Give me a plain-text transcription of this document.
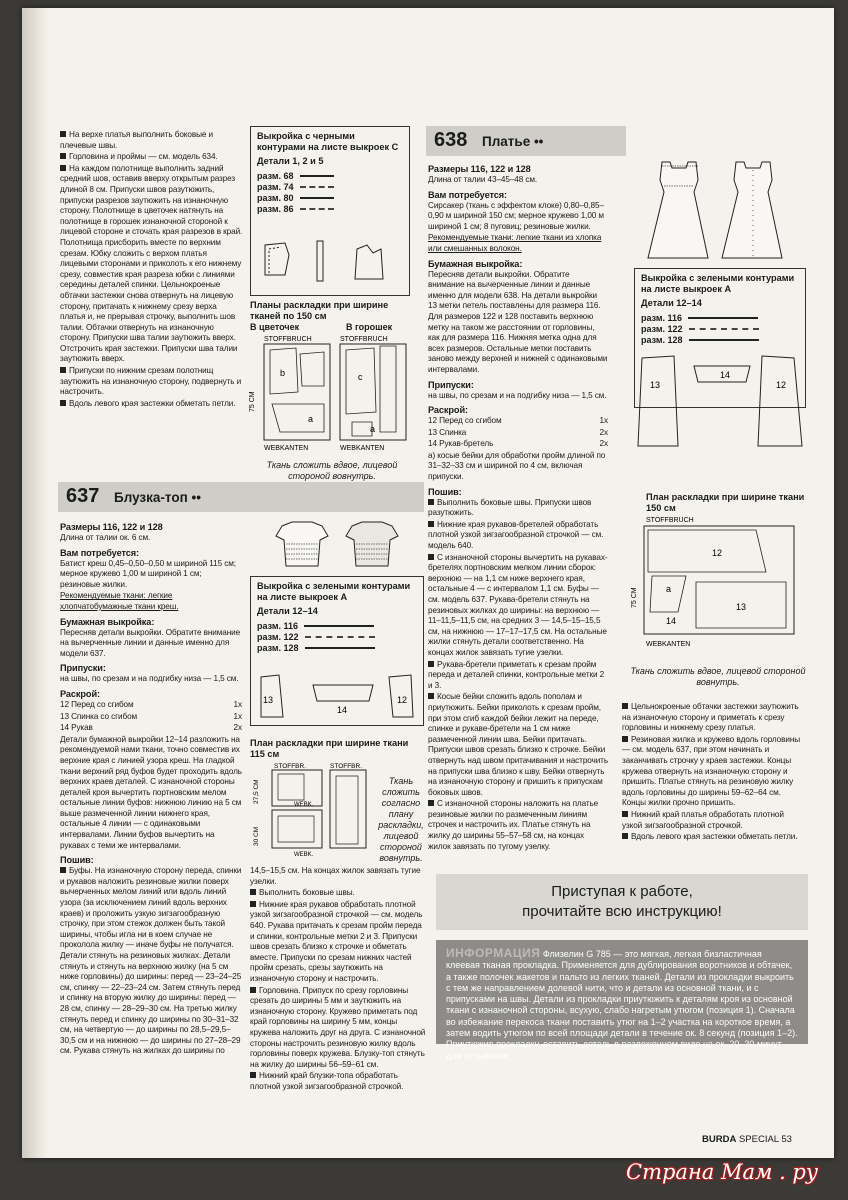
На верхе платья выполнить боковые и плечевые швы.

Горловина и проймы — см. модель 634.

На каждом полотнище выполнить задний средний шов, оставив вверху открытым разрез длиной 8 см. Припуски швов разутюжить, припуски разрезов заутюжить на изнаночную сторону. Полотнище в цветочек натянуть на полотнище в горошек изнаночной стороной к лицевой стороне и сточать края разрезов в край. Полотнища присборить вместе по верхним срезам. Юбку сложить с верхом платья лицевыми сторонами и приколоть к его нижнему срезу, совместив края разреза юбки с линиями середины деталей спинки. Цельнокроеные обтачки застежки снова отвернуть на лицевую сторону, притачать к нижнему срезу верха платья и, не прерывая строчку, выполнить шов талии. Обтачки отвернуть на изнаночную сторону. Припуски шва талии заутюжить вверх. Отстрочить края застежки. Припуски шва талии заутюжить вверх.

Припуски по нижним срезам полотнищ заутюжить на изнаночную сторону, подвернуть и настрочить.

Вдоль левого края застежки обметать петли.

Выкройка с черными контурами на листе выкроек С
Детали 1, 2 и 5
разм. 68
разм. 74
разм. 80
разм. 86
Планы раскладки при ширине тканей по 150 см
В цветочек	В горошек
STOFFBRUCH	STOFFBRUCH
b
a
c
a
75 CM
WEBKANTEN	WEBKANTEN
Ткань сложить вдвое, лицевой стороной вовнутрь.
637 Блузка-топ ••
Размеры 116, 122 и 128

Длина от талии ок. 6 см.

Вам потребуется:

Батист креш 0,45–0,50–0,50 м шириной 115 см; мерное кружево 1,00 м шириной 1 см; резиновые жилки.

Рекомендуемые ткани: легкие хлопчатобумажные ткани креш.

Бумажная выкройка:

Пересняв детали выкройки. Обратите внимание на вычерченные линии и данные именно для модели 637.

Припуски:

на швы, по срезам и на подгибку низа — 1,5 см.

Раскрой:

12 Перед со сгибом	1x

13 Спинка со сгибом	1x

14 Рукав	2x

Детали бумажной выкройки 12–14 разложить на рекомендуемой нами ткани, точно совместив их верхние края с линией узора креш. На гладкой ткани верхний ряд буфов будет проходить вдоль верхних краев деталей. С изнаночной стороны деталей кроя вычертить портновским мелом остальные линии буфов: нижнюю линию на 5 см выше размеченной линии нижнего края, остальные 4 линии — с одинаковыми интервалами. Линии буфов вычертить на рукавах с теми же интервалами.

Пошив:

Буфы. На изнаночную сторону переда, спинки и рукавов наложить резиновые жилки поверх вычерченных мелом линий или вдоль линий узора (за исключением линий вдоль верхних краев) и проложить узкую зигзагообразную строчку, при этом стежок должен быть такой ширины, чтобы игла ни в коем случае не проколола жилку — иначе буфы не получатся. Детали стянуть на резиновых жилках. Детали стянуть и стянуть на верхнюю жилку (на 5 см ниже горловины) до ширины: перед — 23–24–25 см, спинку — 22–23–24 см. Затем стянуть перед и спинку на вторую жилку до ширины: перед — 28 см, спинку — 28–29–30 см. На третью жилку стянуть перед и спинку до ширины по 30–31–32 см, на четвертую — до ширины по 28,5–29,5–30,5 см и на нижнюю — до ширины по 27–28–29 см. Рукава стянуть на жилках до ширины по

Выкройка с зелеными контурами на листе выкроек А
Детали 12–14
разм. 116
разм. 122
разм. 128
13
14
12
План раскладки при ширине ткани 115 см
STOFFBR.	STOFFBR.
WEBK.
WEBK.
27,5 CM
30 CM
Ткань сложить согласно плану раскладки, лицевой стороной вовнутрь.

14,5–15,5 см. На концах жилок завязать тугие узелки.

Выполнить боковые швы.

Нижние края рукавов обработать плотной узкой зигзагообразной строчкой — см. модель 640. Рукава притачать к срезам пройм переда и спинки, контрольные метки 2 и 3. Припуски швов срезать близко к строчке и обметать вместе. Припуски по срезам нижних частей пройм срезать, срезы заутюжить на изнаночную сторону и настрочить.

Горловина. Припуск по срезу горловины срезать до ширины 5 мм и заутюжить на изнаночную сторону. Кружево приметать под край горловины на ширину 5 мм, концы кружева наложить друг на друга. С изнаночной стороны настрочить резиновую жилку вдоль горловины поверх кружева. Блузку-топ стянуть на жилку до ширины 56–59–61 см.

Нижний край блузки-топа обработать плотной узкой зигзагообразной строчкой.

638 Платье ••
Размеры 116, 122 и 128

Длина от талии 43–45–48 см.

Вам потребуется:

Сирсакер (ткань с эффектом клоке) 0,80–0,85–0,90 м шириной 150 см; мерное кружево 1,00 м шириной 1 см; 8 пуговиц; резиновые жилки.

Рекомендуемые ткани: легкие ткани из хлопка или смешанных волокон.

Бумажная выкройка:

Пересняв детали выкройки. Обратите внимание на вычерченные линии и данные именно для модели 638. На детали выкройки 13 метки петель поставлены для размера 116. Для размеров 122 и 128 поставить верхнюю метку на таком же расстоянии от горловины, как для размера 116. Нижняя метка одна для всех размеров. Остальные метки поставить заново между верхней и нижней с одинаковыми интервалами.

Припуски:

на швы, по срезам и на подгибку низа — 1,5 см.

Раскрой:

12 Перед со сгибом	1x

13 Спинка	2x

14 Рукав-бретель	2x

а) косые бейки для обработки пройм длиной по 31–32–33 см и шириной по 4 см, включая припуски.

Пошив:

Выполнить боковые швы. Припуски швов разутюжить.

Нижние края рукавов-бретелей обработать плотной узкой зигзагообразной строчкой — см. модель 640.

С изнаночной стороны вычертить на рукавах-бретелях портновским мелком линии сборок: верхнюю — на 1,1 см ниже верхнего края, остальные 4 — с интервалом 1,1 см. Буфы — см. модель 637. Рукава-бретели стянуть на резиновых жилках до ширины: на верхнюю — 11–11,5–11,5 см, на средних 3 — 14,5–15–15,5 см, на нижнюю — 17–17–17,5 см. На остальные жилки стянуть детали соответственно. На концах жилок завязать тугие узелки.

Рукава-бретели приметать к срезам пройм переда и деталей спинки, контрольные метки 2 и 3.

Косые бейки сложить вдоль пополам и приутюжить. Бейки приколоть к срезам пройм, при этом сгиб каждой бейки лежит на переде, спинке и рукаве-бретели на 1 см ниже размеченной линии шва. Бейки притачать. Припуски швов срезать близко к строчке. Бейки отвернуть над швом притачивания и настрочить на припуски шва близко к шву. Бейки отвернуть на изнаночную сторону и пришить к припускам боковых швов.

С изнаночной стороны наложить на платье резиновые жилки по размеченным линиям строчек и настрочить их. Платье стянуть на жилку до ширины 55–57–58 см, на концах жилок завязать по тугому узелку.

Выкройка с зелеными контурами на листе выкроек А
Детали 12–14
разм. 116
разм. 122
разм. 128
13
14
12
План раскладки при ширине ткани 150 см
STOFFBRUCH
12
a
13
14
75 CM
WEBKANTEN
Ткань сложить вдвое, лицевой стороной вовнутрь.

Цельнокроеные обтачки застежки заутюжить на изнаночную сторону и приметать к срезу горловины и нижнему срезу платья.

Резиновая жилка и кружево вдоль горловины — см. модель 637, при этом начинать и заканчивать строчку у краев застежки. Концы кружева отвернуть на изнаночную сторону и пришить. Платье стянуть на резиновую жилку вдоль горловины до ширины 59–62–64 см. Концы жилки прочно пришить.

Нижний край платья обработать плотной узкой зигзагообразной строчкой.

Вдоль левого края застежки обметать петли.

Приступая к работе,
прочитайте всю инструкцию!
ИНФОРМАЦИЯ Флизелин G 785 — это мягкая, легкая бизластичная клеевая тканая прокладка. Применяется для дублирования воротников и обтачек, а также полочек жакетов и пальто из легких тканей. Детали из прокладки выкроить с тем же направлением долевой нити, что и детали из основной ткани, и с припусками на швы. Детали из прокладки приутюжить к деталям кроя из основной ткани с изнаночной стороны, всухую, слабо нагретым утюгом (позиция 1). Сначала во избежание перекоса ткани поставить утюг на 1–2 участка на короткое время, а затем водить утюгом по всей площади детали в течение ок. 8 секунд (позиция 1–2). Приутюжив прокладку, оставить деталь в разложенном виде на ок. 20–30 минут для остывания.
BURDA SPECIAL 53
Страна Мам . ру
